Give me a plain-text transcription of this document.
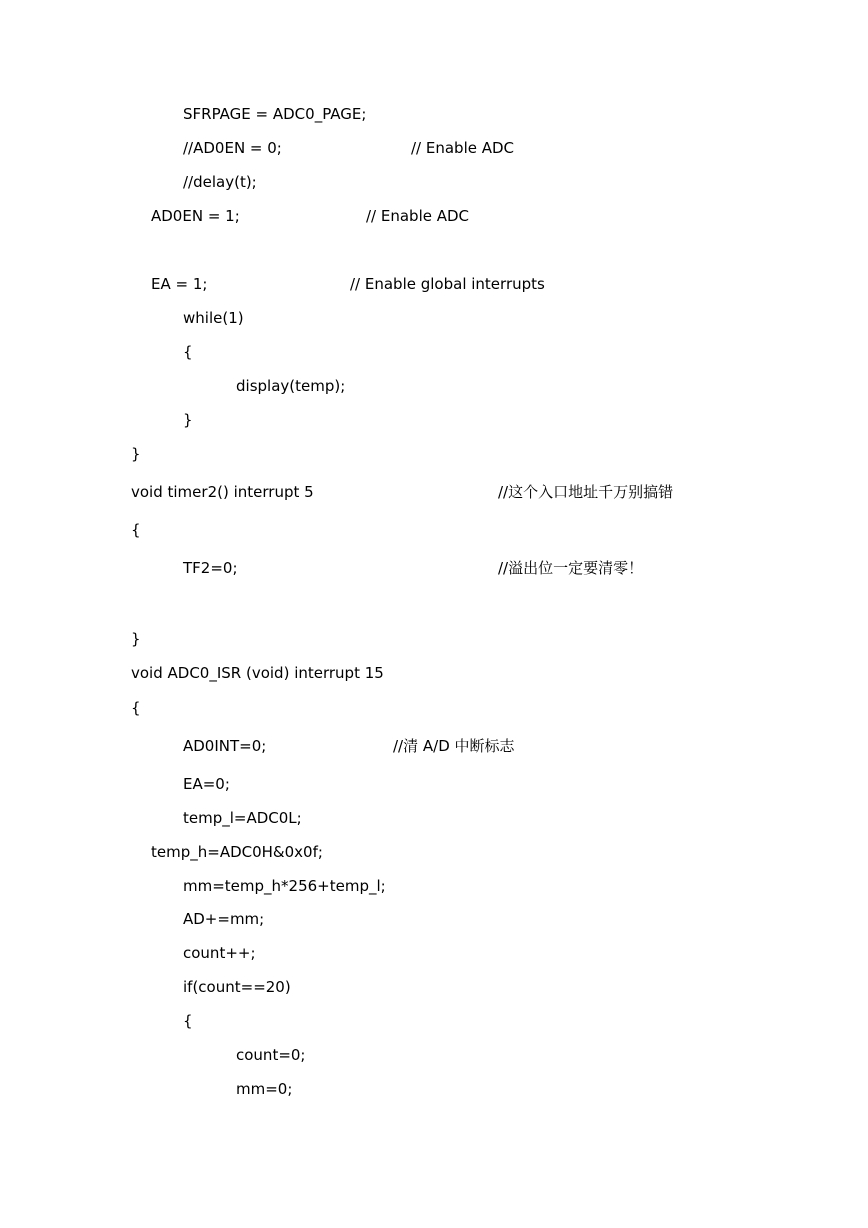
SFRPAGE = ADC0_PAGE;
//AD0EN = 0;	// Enable ADC
//delay(t);
AD0EN = 1;	// Enable ADC
EA = 1;	// Enable global interrupts
while(1)
{
display(temp);
}
}
void timer2() interrupt 5	//这个入口地址千万别搞错
{
TF2=0;	//溢出位一定要清零！
}
void ADC0_ISR (void) interrupt 15
{
AD0INT=0;	//清 A/D 中断标志
EA=0;
temp_l=ADC0L;
temp_h=ADC0H&0x0f;
mm=temp_h*256+temp_l;
AD+=mm;
count++;
if(count==20)
{
count=0;
mm=0;
